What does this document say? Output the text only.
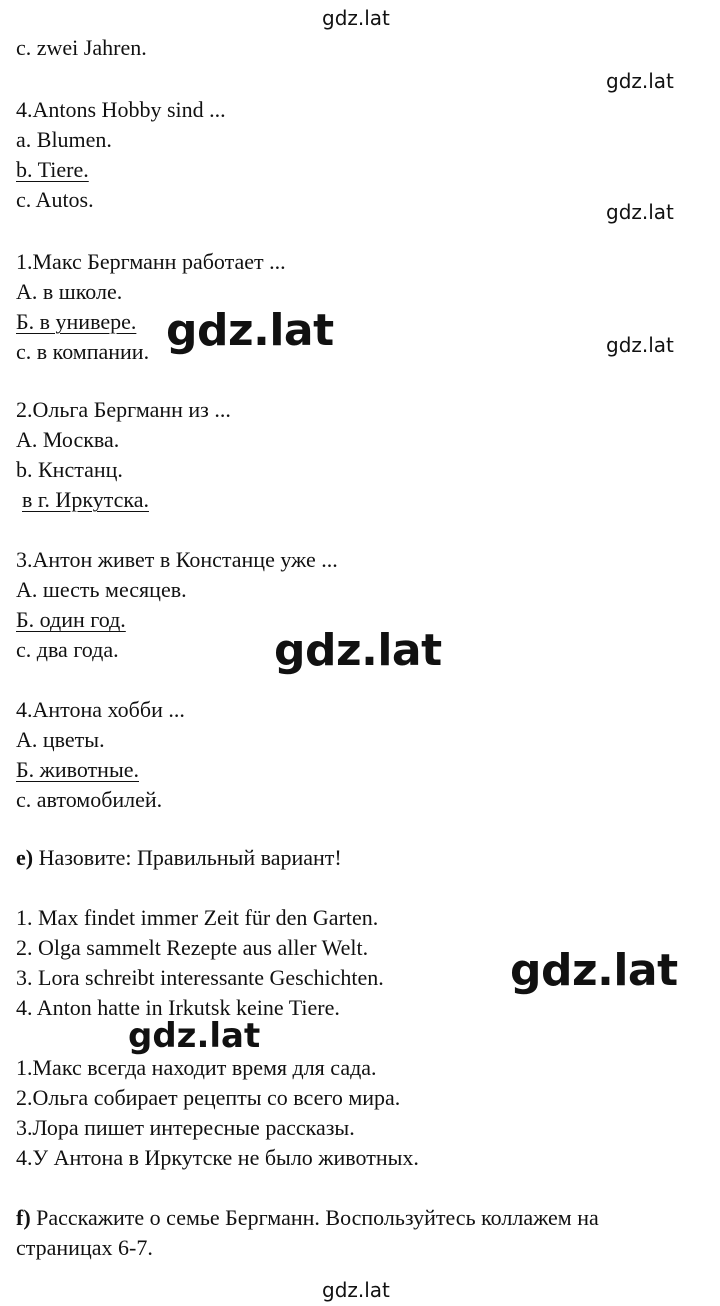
gdz.lat

gdz.lat

gdz.lat

gdz.lat

c. zwei Jahren.

4.Antons Hobby sind ...

a. Blumen.

b. Tiere.

c. Autos.

1.Макс Бергманн работает ...

А. в школе.

Б. в универе.

с. в компании.

2.Ольга Бергманн из ...

А. Москва.

b. Кнстанц.

в г. Иркутска.

3.Антон живет в Констанце уже ...

А. шесть месяцев.

Б. один год.

с. два года.

4.Антона хобби ...

А. цветы.

Б. животные.

с. автомобилей.

e) Назовите: Правильный вариант!

1. Max findet immer Zeit für den Garten.

2. Olga sammelt Rezepte aus aller Welt.

3. Lora schreibt interessante Geschichten.

4. Anton hatte in Irkutsk keine Tiere.

1.Макс всегда находит время для сада.

2.Ольга собирает рецепты со всего мира.

3.Лора пишет интересные рассказы.

4.У Антона в Иркутске не было животных.

f) Расскажите о семье Бергманн. Воспользуйтесь коллажем на

страницах 6-7.

gdz.lat

gdz.lat

gdz.lat

gdz.lat

gdz.lat
